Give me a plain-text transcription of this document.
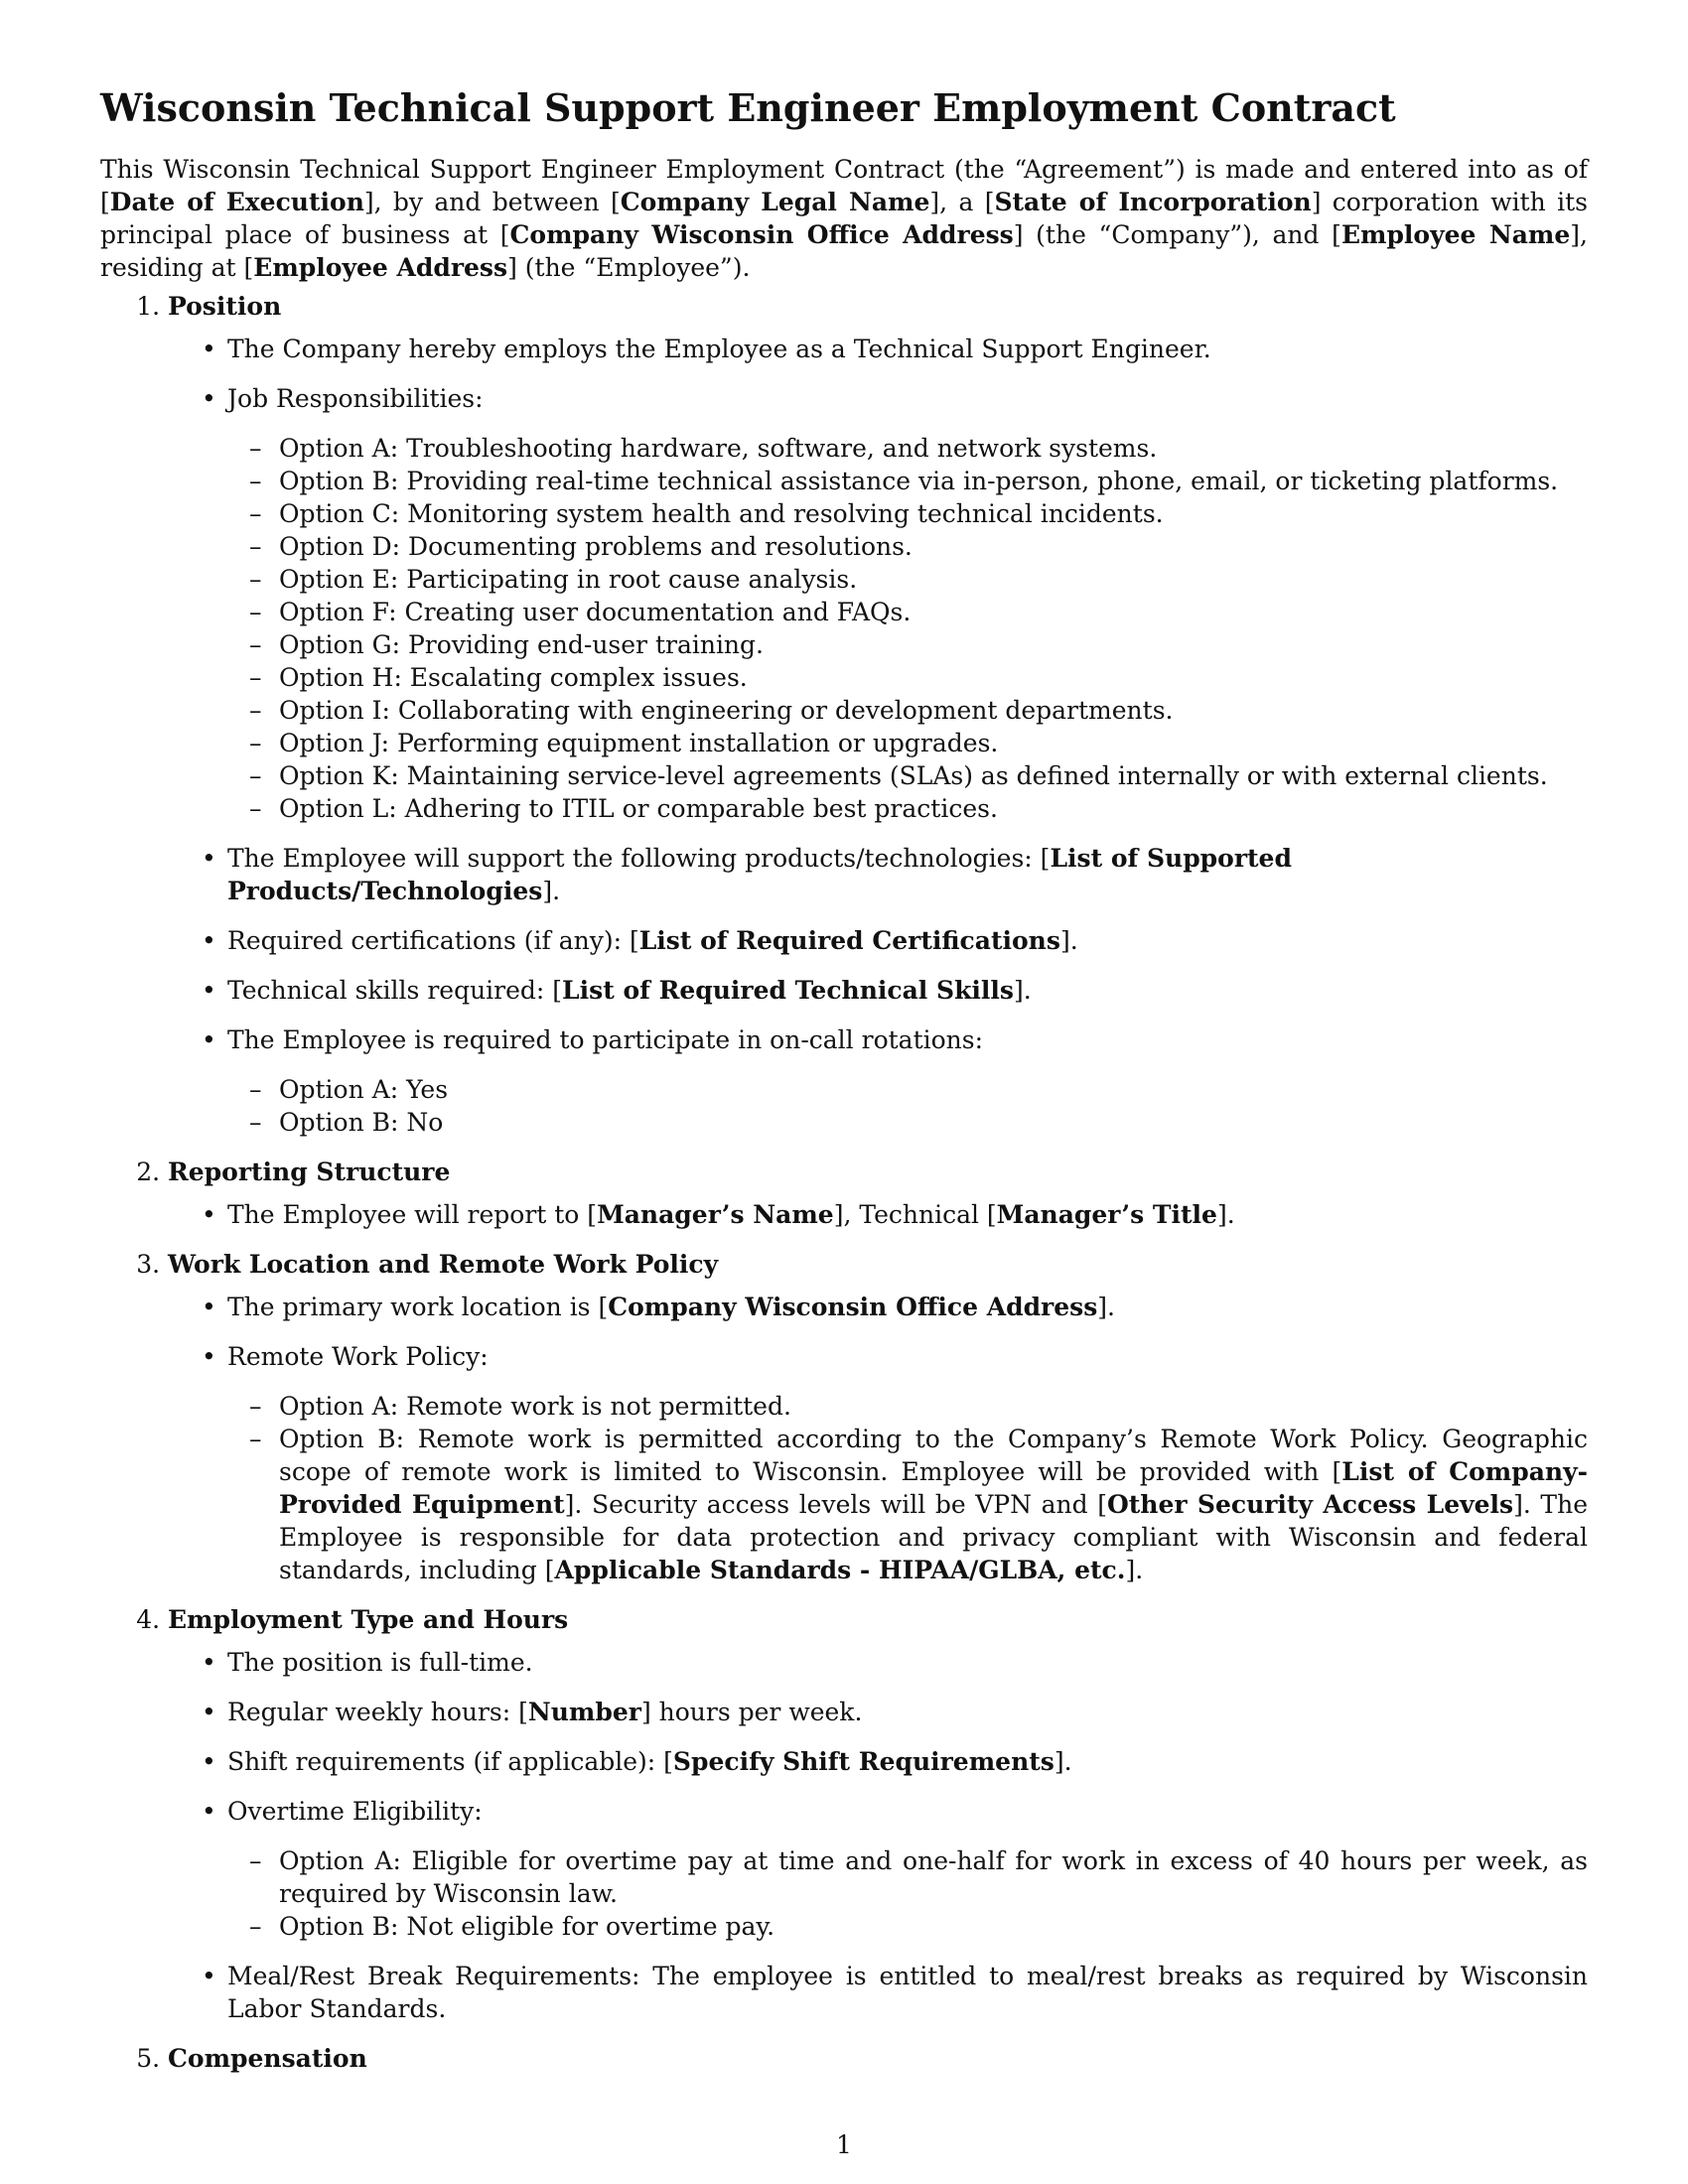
Wisconsin Technical Support Engineer Employment Contract

This Wisconsin Technical Support Engineer Employment Contract (the “Agreement”) is made and entered into as of [Date of Execution], by and between [Company Legal Name], a [State of Incorporation] corporation with its principal place of business at [Company Wisconsin Office Address] (the “Company”), and [Employee Name], residing at [Employee Address] (the “Employee”).

1. Position
• The Company hereby employs the Employee as a Technical Support Engineer.
• Job Responsibilities:
– Option A: Troubleshooting hardware, software, and network systems.
– Option B: Providing real-time technical assistance via in-person, phone, email, or ticketing platforms.
– Option C: Monitoring system health and resolving technical incidents.
– Option D: Documenting problems and resolutions.
– Option E: Participating in root cause analysis.
– Option F: Creating user documentation and FAQs.
– Option G: Providing end-user training.
– Option H: Escalating complex issues.
– Option I: Collaborating with engineering or development departments.
– Option J: Performing equipment installation or upgrades.
– Option K: Maintaining service-level agreements (SLAs) as defined internally or with external clients.
– Option L: Adhering to ITIL or comparable best practices.
• The Employee will support the following products/technologies: [List of Supported Products/Technologies].
• Required certifications (if any): [List of Required Certifications].
• Technical skills required: [List of Required Technical Skills].
• The Employee is required to participate in on-call rotations:
– Option A: Yes
– Option B: No
2. Reporting Structure
• The Employee will report to [Manager’s Name], Technical [Manager’s Title].
3. Work Location and Remote Work Policy
• The primary work location is [Company Wisconsin Office Address].
• Remote Work Policy:
– Option A: Remote work is not permitted.
– Option B: Remote work is permitted according to the Company’s Remote Work Policy. Geographic scope of remote work is limited to Wisconsin. Employee will be provided with [List of Company-Provided Equipment]. Security access levels will be VPN and [Other Security Access Levels]. The Employee is responsible for data protection and privacy compliant with Wisconsin and federal standards, including [Applicable Standards - HIPAA/GLBA, etc.].
4. Employment Type and Hours
• The position is full-time.
• Regular weekly hours: [Number] hours per week.
• Shift requirements (if applicable): [Specify Shift Requirements].
• Overtime Eligibility:
– Option A: Eligible for overtime pay at time and one-half for work in excess of 40 hours per week, as required by Wisconsin law.
– Option B: Not eligible for overtime pay.
• Meal/Rest Break Requirements: The employee is entitled to meal/rest breaks as required by Wisconsin Labor Standards.
5. Compensation
1
